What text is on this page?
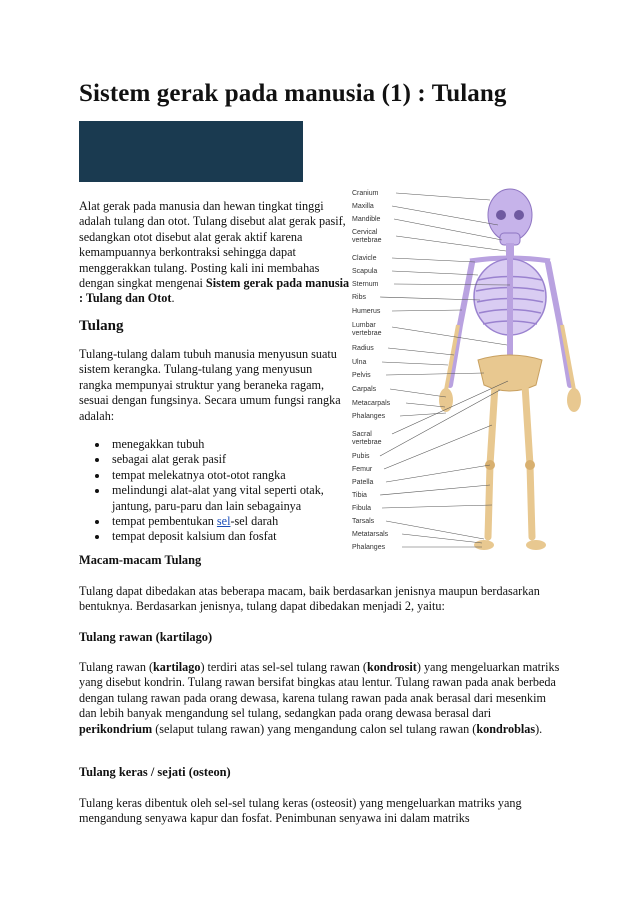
Sistem gerak pada manusia (1) : Tulang
Alat gerak pada manusia dan hewan tingkat tinggi adalah tulang dan otot. Tulang disebut alat gerak pasif, sedangkan otot disebut alat gerak aktif karena kemampuannya berkontraksi sehingga dapat menggerakkan tulang. Posting kali ini membahas dengan singkat mengenai Sistem gerak pada manusia : Tulang dan Otot.
Tulang
Tulang-tulang dalam tubuh manusia menyusun suatu sistem kerangka. Tulang-tulang yang menyusun rangka mempunyai struktur yang beraneka ragam, sesuai dengan fungsinya. Secara umum fungsi rangka adalah:
menegakkan tubuh
sebagai alat gerak pasif
tempat melekatnya otot-otot rangka
melindungi alat-alat yang vital seperti otak, jantung, paru-paru dan lain sebagainya
tempat pembentukan sel-sel darah
tempat deposit kalsium dan fosfat
Cranium
Maxilla
Mandible
Cervical
vertebrae
Clavicle
Scapula
Sternum
Ribs
Humerus
Lumbar
vertebrae
Radius
Ulna
Pelvis
Carpals
Metacarpals
Phalanges
Sacral
vertebrae
Pubis
Femur
Patella
Tibia
Fibula
Tarsals
Metatarsals
Phalanges
Macam-macam Tulang
Tulang dapat dibedakan atas beberapa macam, baik berdasarkan jenisnya maupun berdasarkan bentuknya. Berdasarkan jenisnya, tulang dapat dibedakan menjadi 2, yaitu:
Tulang rawan (kartilago)
Tulang rawan (kartilago) terdiri atas sel-sel tulang rawan (kondrosit) yang mengeluarkan matriks yang disebut kondrin. Tulang rawan bersifat bingkas atau lentur. Tulang rawan pada anak berbeda dengan tulang rawan pada orang dewasa, karena tulang rawan pada anak berasal dari mesenkim dan lebih banyak mengandung sel tulang, sedangkan pada orang dewasa berasal dari perikondrium (selaput tulang rawan) yang mengandung calon sel tulang rawan (kondroblas).
Tulang keras / sejati (osteon)
Tulang keras dibentuk oleh sel-sel tulang keras (osteosit) yang mengeluarkan matriks yang mengandung senyawa kapur dan fosfat. Penimbunan senyawa ini dalam matriks
